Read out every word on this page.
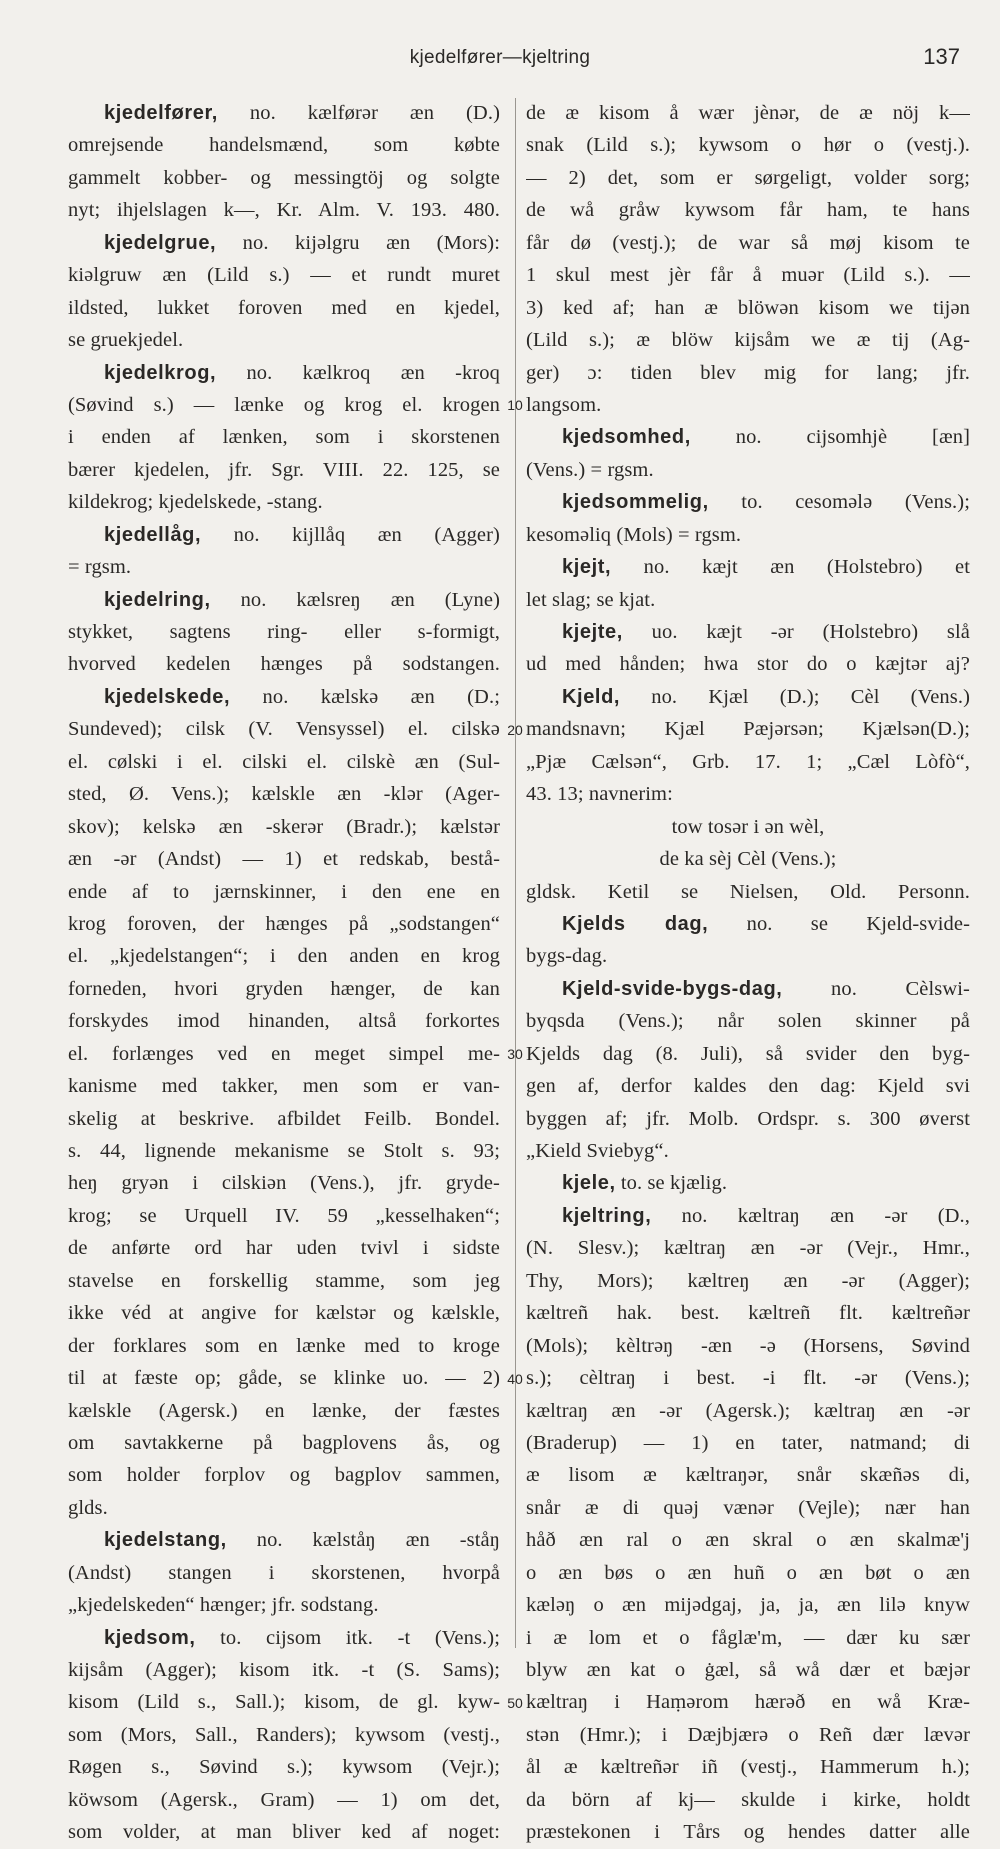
kjedelfører—kjeltring	137
kjedelfører, no. kælførər æn (D.)
omrejsende handelsmænd, som købte
gammelt kobber- og messingtöj og solgte
nyt; ihjelslagen k—, Kr. Alm. V. 193. 480.
kjedelgrue, no. kijəlgru æn (Mors):
kiəlgruw æn (Lild s.) — et rundt muret
ildsted, lukket foroven med en kjedel,
se gruekjedel.
kjedelkrog, no. kælkroq æn -kroq
(Søvind s.) — lænke og krog el. krogen
i enden af lænken, som i skorstenen
bærer kjedelen, jfr. Sgr. VIII. 22. 125, se
kildekrog; kjedelskede, -stang.
kjedellåg, no. kijllåq æn (Agger)
= rgsm.
kjedelring, no. kælsreŋ æn (Lyne)
stykket, sagtens ring- eller s-formigt,
hvorved kedelen hænges på sodstangen.
kjedelskede, no. kælskə æn (D.;
Sundeved); cilsk (V. Vensyssel) el. cilskə
el. cølski i el. cilski el. cilskè æn (Sul-
sted, Ø. Vens.); kælskle æn -klər (Ager-
skov); kelskə æn -skerər (Bradr.); kælstər
æn -ər (Andst) — 1) et redskab, bestå-
ende af to jærnskinner, i den ene en
krog foroven, der hænges på „sodstangen“
el. „kjedelstangen“; i den anden en krog
forneden, hvori gryden hænger, de kan
forskydes imod hinanden, altså forkortes
el. forlænges ved en meget simpel me-
kanisme med takker, men som er van-
skelig at beskrive. afbildet Feilb. Bondel.
s. 44, lignende mekanisme se Stolt s. 93;
heŋ gryən i cilskiən (Vens.), jfr. gryde-
krog; se Urquell IV. 59 „kesselhaken“;
de anførte ord har uden tvivl i sidste
stavelse en forskellig stamme, som jeg
ikke véd at angive for kælstər og kælskle,
der forklares som en lænke med to kroge
til at fæste op; gåde, se klinke uo. — 2)
kælskle (Agersk.) en lænke, der fæstes
om savtakkerne på bagplovens ås, og
som holder forplov og bagplov sammen,
glds.
kjedelstang, no. kælståŋ æn -ståŋ
(Andst) stangen i skorstenen, hvorpå
„kjedelskeden“ hænger; jfr. sodstang.
kjedsom, to. cijsom itk. -t (Vens.);
kijsåm (Agger); kisom itk. -t (S. Sams);
kisom (Lild s., Sall.); kisom, de gl. kyw-
som (Mors, Sall., Randers); kywsom (vestj.,
Røgen s., Søvind s.); kywsom (Vejr.);
köwsom (Agersk., Gram) — 1) om det,
som volder, at man bliver ked af noget:
de æ kisom å wær jènər, de æ nöj k—
snak (Lild s.); kywsom o hør o (vestj.).
— 2) det, som er sørgeligt, volder sorg;
de wå gråw kywsom får ham, te hans
får dø (vestj.); de war så møj kisom te
1 skul mest jèr får å muər (Lild s.). —
3) ked af; han æ blöwən kisom we tijən
(Lild s.); æ blöw kijsåm we æ tij (Ag-
ger) ɔ: tiden blev mig for lang; jfr.
langsom.
kjedsomhed, no. cijsomhjè [æn]
(Vens.) = rgsm.
kjedsommelig, to. cesomələ (Vens.);
kesoməliq (Mols) = rgsm.
kjejt, no. kæjt æn (Holstebro) et
let slag; se kjat.
kjejte, uo. kæjt -ər (Holstebro) slå
ud med hånden; hwa stor do o kæjtər aj?
Kjeld, no. Kjæl (D.); Cèl (Vens.)
mandsnavn; Kjæl Pæjərsən; Kjælsən(D.);
„Pjæ Cælsən“, Grb. 17. 1; „Cæl Lòfò“,
43. 13; navnerim:
tow tosər i ən wèl,
de ka sèj Cèl (Vens.);
gldsk. Ketil se Nielsen, Old. Personn.
Kjelds dag, no. se Kjeld-svide-
bygs-dag.
Kjeld-svide-bygs-dag, no. Cèlswi-
byqsda (Vens.); når solen skinner på
Kjelds dag (8. Juli), så svider den byg-
gen af, derfor kaldes den dag: Kjeld svi
byggen af; jfr. Molb. Ordspr. s. 300 øverst
„Kield Sviebyg“.
kjele, to. se kjælig.
kjeltring, no. kæltraŋ æn -ər (D.,
(N. Slesv.); kæltraŋ æn -ər (Vejr., Hmr.,
Thy, Mors); kæltreŋ æn -ər (Agger);
kæltreñ hak. best. kæltreñ flt. kæltreñər
(Mols); kèltrəŋ -æn -ə (Horsens, Søvind
s.); cèltraŋ i best. -i flt. -ər (Vens.);
kæltraŋ æn -ər (Agersk.); kæltraŋ æn -ər
(Braderup) — 1) en tater, natmand; di
æ lisom æ kæltraŋər, snår skæñəs di,
snår æ di quəj vænər (Vejle); nær han
håð æn ral o æn skral o æn skalmæ'j
o æn bøs o æn huñ o æn bøt o æn
kæləŋ o æn mijədgaj, ja, ja, æn lilə knyw
i æ lom et o fåglæ'm, — dær ku sær
blyw æn kat o ġæl, så wå dær et bæjər
kæltraŋ i Haṃərom hærəð en wå Kræ-
stən (Hmr.); i Dæjbjærə o Reñ dær lævər
ål æ kæltreñər iñ (vestj., Hammerum h.);
da börn af kj— skulde i kirke, holdt
præstekonen i Tårs og hendes datter alle
10
20
30
40
50
